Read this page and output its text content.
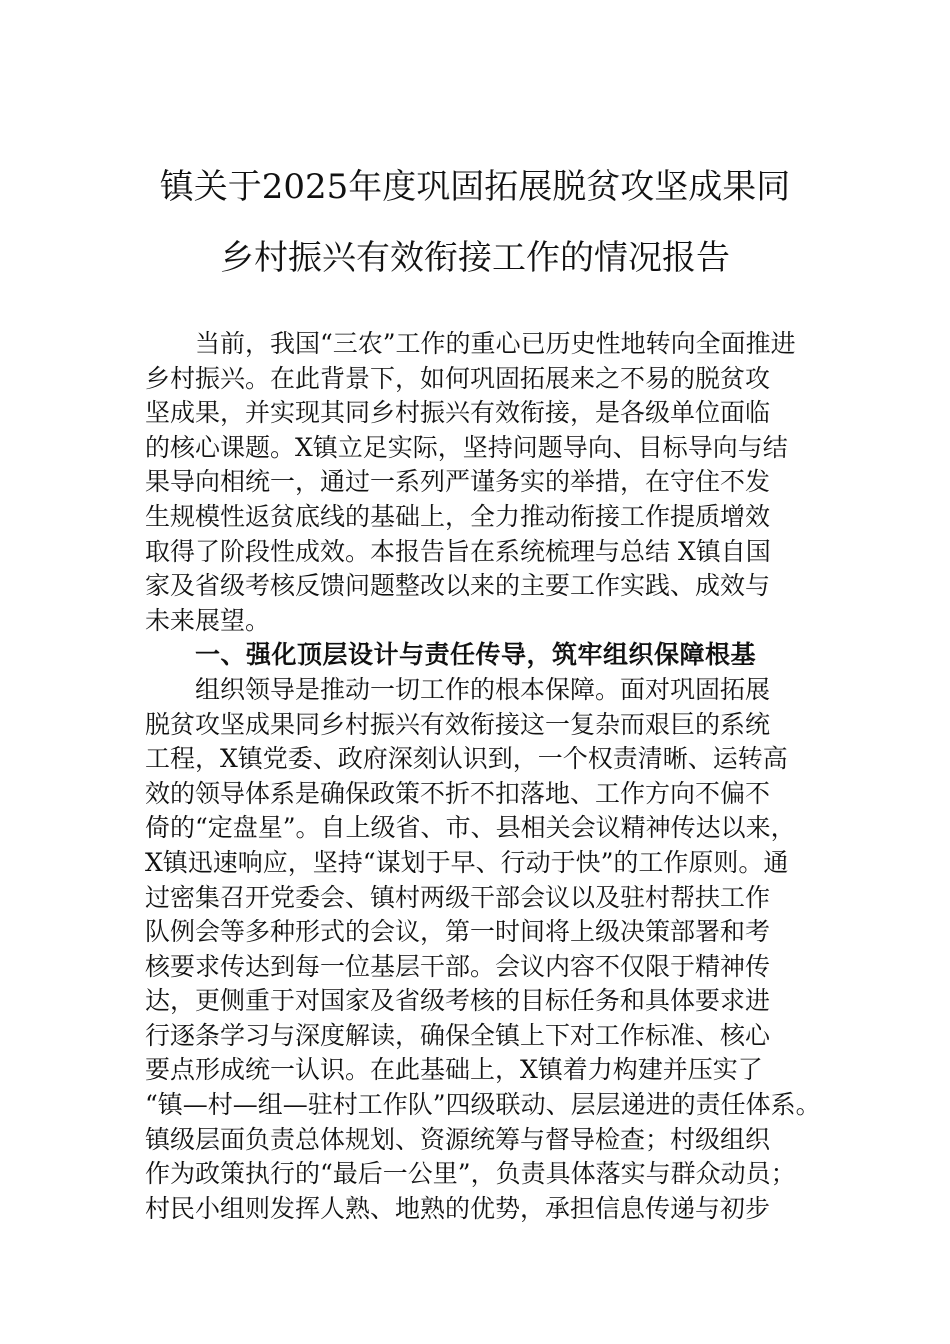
镇关于2025年度巩固拓展脱贫攻坚成果同
乡村振兴有效衔接工作的情况报告
当前，我国“三农”工作的重心已历史性地转向全面推进
乡村振兴。在此背景下，如何巩固拓展来之不易的脱贫攻
坚成果，并实现其同乡村振兴有效衔接，是各级单位面临
的核心课题。X镇立足实际，坚持问题导向、目标导向与结
果导向相统一，通过一系列严谨务实的举措，在守住不发
生规模性返贫底线的基础上，全力推动衔接工作提质增效
取得了阶段性成效。本报告旨在系统梳理与总结 X镇自国
家及省级考核反馈问题整改以来的主要工作实践、成效与
未来展望。
一、强化顶层设计与责任传导，筑牢组织保障根基
组织领导是推动一切工作的根本保障。面对巩固拓展
脱贫攻坚成果同乡村振兴有效衔接这一复杂而艰巨的系统
工程，X镇党委、政府深刻认识到，一个权责清晰、运转高
效的领导体系是确保政策不折不扣落地、工作方向不偏不
倚的“定盘星”。自上级省、市、县相关会议精神传达以来，
X镇迅速响应，坚持“谋划于早、行动于快”的工作原则。通
过密集召开党委会、镇村两级干部会议以及驻村帮扶工作
队例会等多种形式的会议，第一时间将上级决策部署和考
核要求传达到每一位基层干部。会议内容不仅限于精神传
达，更侧重于对国家及省级考核的目标任务和具体要求进
行逐条学习与深度解读，确保全镇上下对工作标准、核心
要点形成统一认识。在此基础上，X镇着力构建并压实了
“镇—村—组—驻村工作队”四级联动、层层递进的责任体系。
镇级层面负责总体规划、资源统筹与督导检查；村级组织
作为政策执行的“最后一公里”，负责具体落实与群众动员；
村民小组则发挥人熟、地熟的优势，承担信息传递与初步
